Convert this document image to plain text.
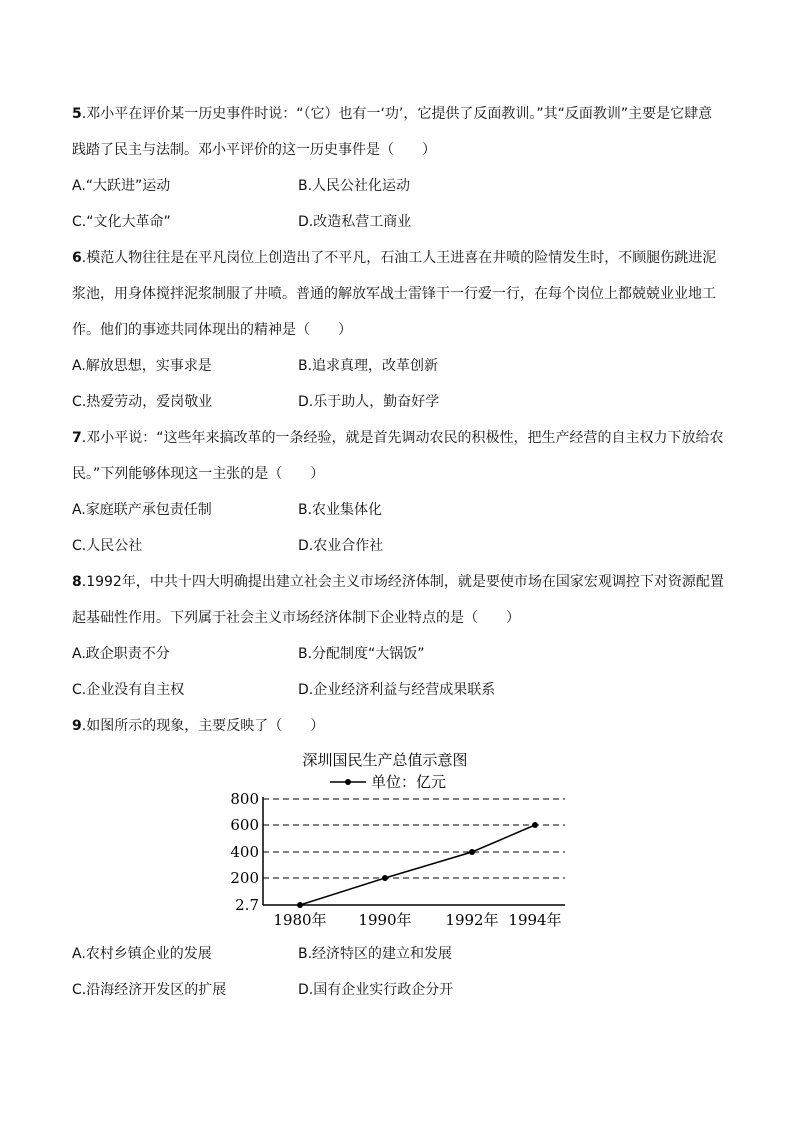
5.邓小平在评价某一历史事件时说：“（它）也有一‘功’，它提供了反面教训。”其“反面教训”主要是它肆意
践踏了民主与法制。邓小平评价的这一历史事件是（　　）
A.“大跃进”运动	B.人民公社化运动
C.“文化大革命”	D.改造私营工商业
6.模范人物往往是在平凡岗位上创造出了不平凡，石油工人王进喜在井喷的险情发生时，不顾腿伤跳进泥
浆池，用身体搅拌泥浆制服了井喷。普通的解放军战士雷锋干一行爱一行，在每个岗位上都兢兢业业地工
作。他们的事迹共同体现出的精神是（　　）
A.解放思想，实事求是	B.追求真理，改革创新
C.热爱劳动，爱岗敬业	D.乐于助人，勤奋好学
7.邓小平说：“这些年来搞改革的一条经验，就是首先调动农民的积极性，把生产经营的自主权力下放给农
民。”下列能够体现这一主张的是（　　）
A.家庭联产承包责任制	B.农业集体化
C.人民公社	D.农业合作社
8.1992年，中共十四大明确提出建立社会主义市场经济体制，就是要使市场在国家宏观调控下对资源配置
起基础性作用。下列属于社会主义市场经济体制下企业特点的是（　　）
A.政企职责不分	B.分配制度“大锅饭”
C.企业没有自主权	D.企业经济利益与经营成果联系
9.如图所示的现象，主要反映了（　　）
深圳国民生产总值示意图
单位：亿元
2.7
200
400
600
800
1980年 1990年 1992年 1994年
A.农村乡镇企业的发展	B.经济特区的建立和发展
C.沿海经济开发区的扩展	D.国有企业实行政企分开
